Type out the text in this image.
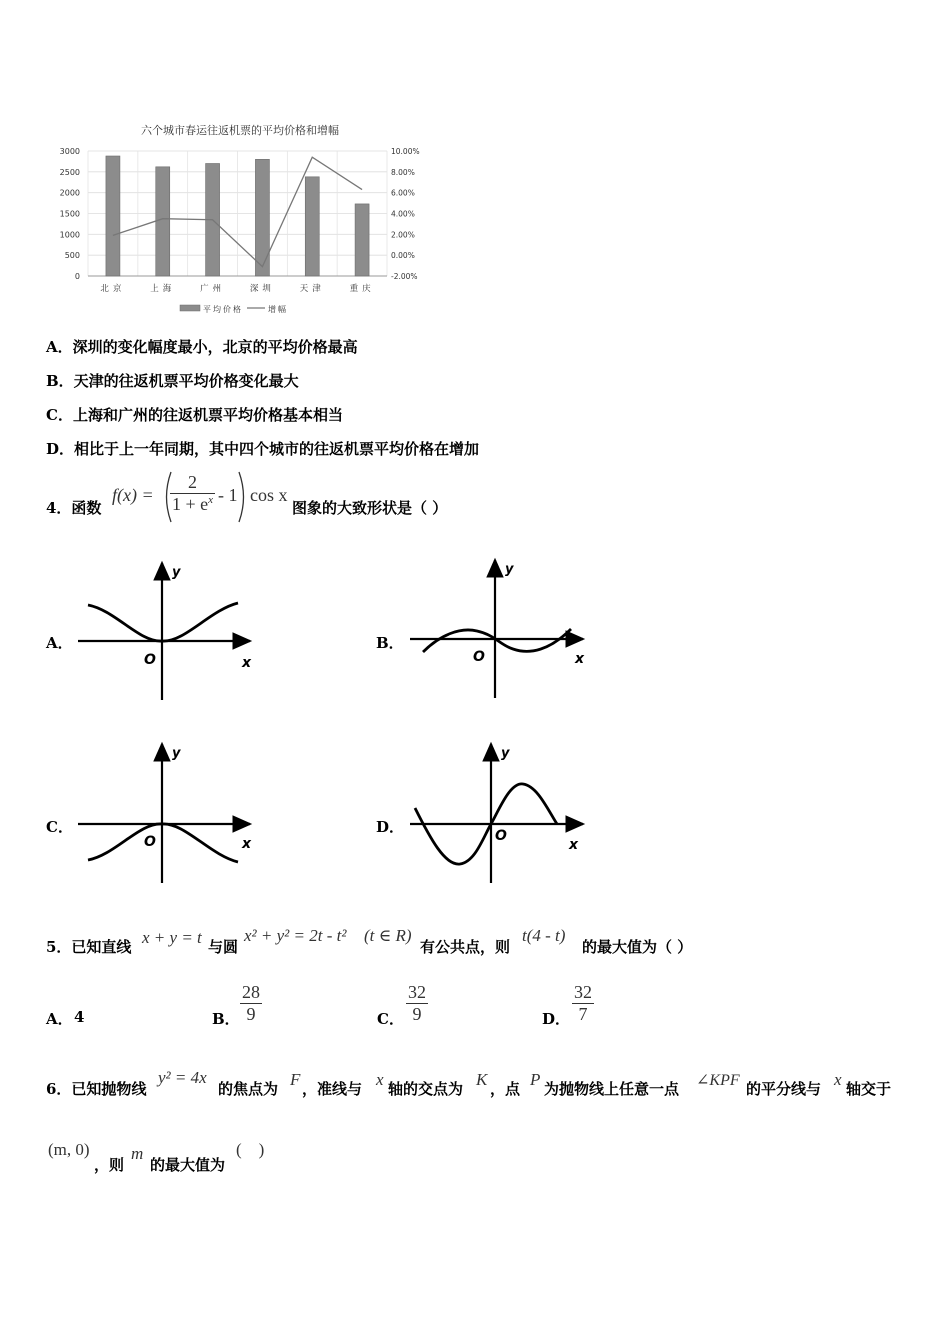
六个城市春运往返机票的平均价格和增幅
0
500
1000
1500
2000
2500
3000
-2.00%
0.00%
2.00%
4.00%
6.00%
8.00%
10.00%
北京	上海	广州	深圳	天津	重庆
平均价格	增幅
A．深圳的变化幅度最小，北京的平均价格最高
B．天津的往返机票平均价格变化最大
C．上海和广州的往返机票平均价格基本相当
D．相比于上一年同期，其中四个城市的往返机票平均价格在增加
4．函数
$f(x) = \frac{2}{1 + e^x} - 1$ cos x
图象的大致形状是（ ）
A．	B．
C．	D．
y
x
O
y
x
O
y
x
O
y
x
O
5．已知直线 x + y = t 与圆
x² + y² = 2t - t² (t ∈ R)
有公共点，则
t(4 - t)
的最大值为（ ）
A． 4	B． $\frac{28}{9}$	C． $\frac{32}{9}$	D． $\frac{32}{7}$
6．已知抛物线
y² = 4x
的焦点为 F ，准线与 x 轴的交点为 K ，点 P 为抛物线上任意一点 ∠KPF 的平分线与 x 轴交于
(m, 0)
，则
m
的最大值为
(    )
